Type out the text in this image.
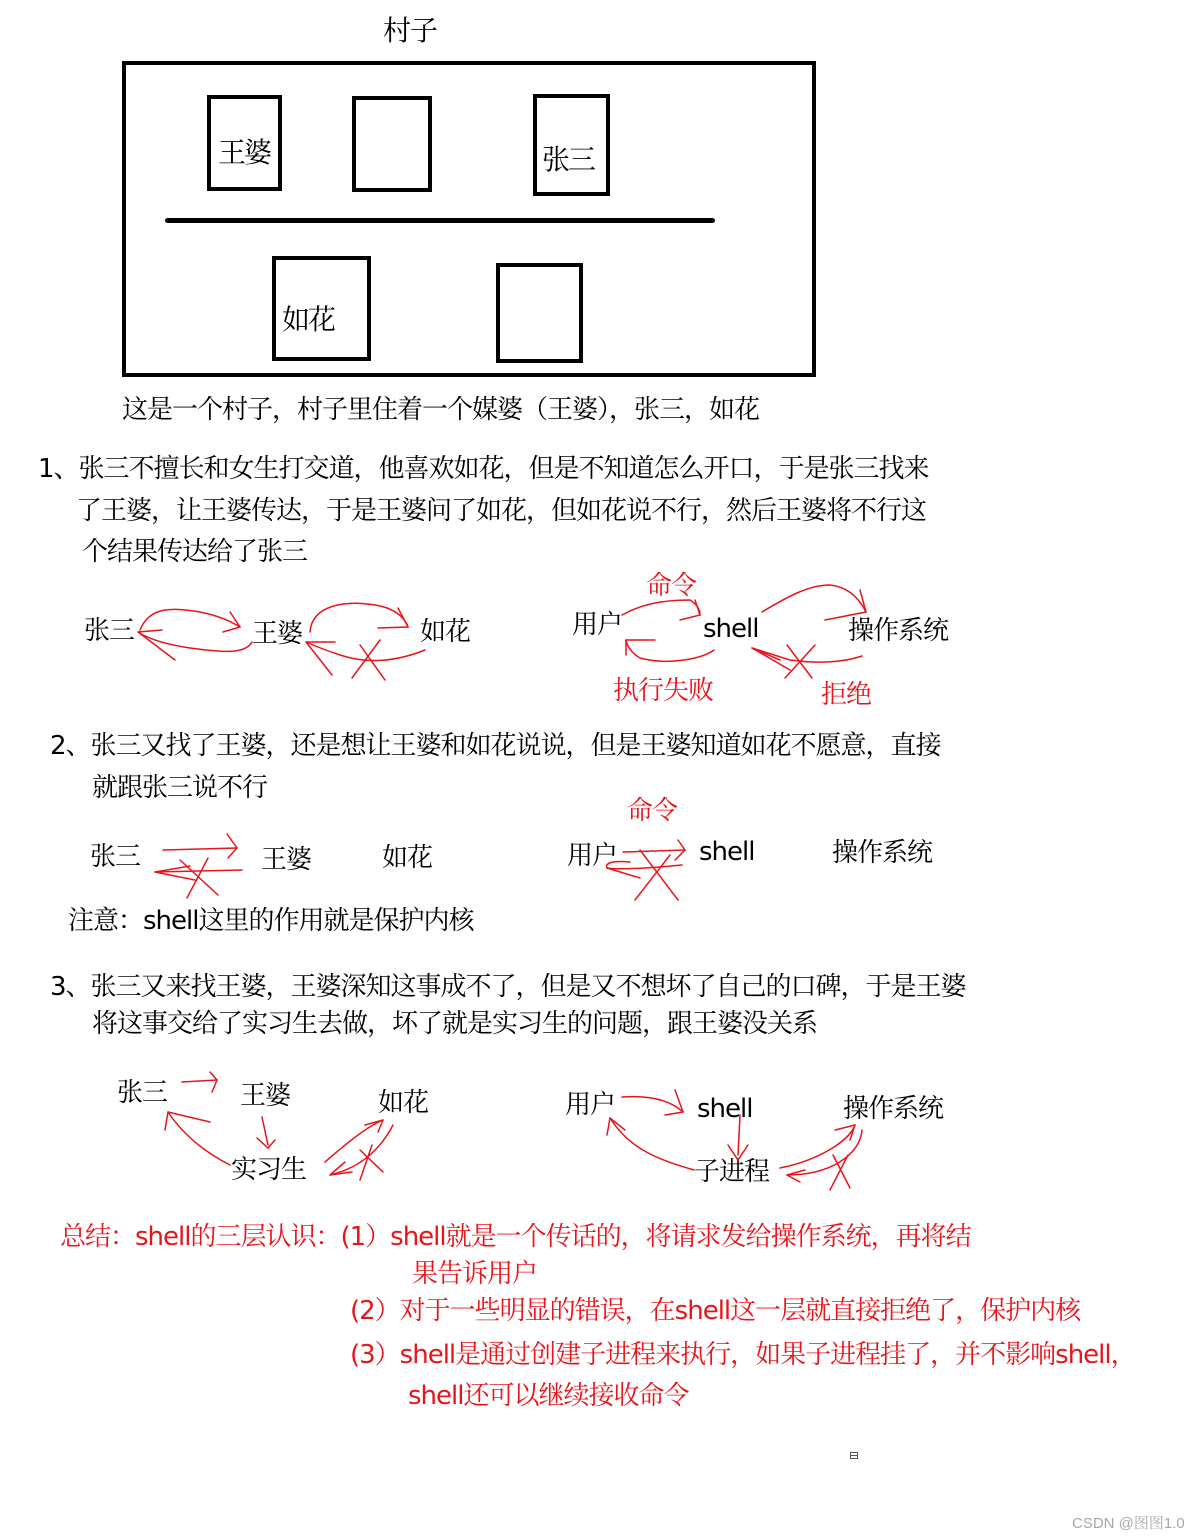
村子
王婆	张三
如花
这是一个村子，村子里住着一个媒婆（王婆），张三，如花
1、张三不擅长和女生打交道，他喜欢如花，但是不知道怎么开口，于是张三找来
了王婆，让王婆传达，于是王婆问了如花，但如花说不行，然后王婆将不行这
个结果传达给了张三
张三	王婆	如花	用户	shell	操作系统
命令
执行失败	拒绝
2、张三又找了王婆，还是想让王婆和如花说说，但是王婆知道如花不愿意，直接
就跟张三说不行
张三	王婆	如花
命令
用户	shell	操作系统
注意：shell这里的作用就是保护内核
3、张三又来找王婆，王婆深知这事成不了，但是又不想坏了自己的口碑，于是王婆
将这事交给了实习生去做，坏了就是实习生的问题，跟王婆没关系
张三	王婆	如花
实习生
用户	shell	操作系统
子进程
总结：shell的三层认识：(1）shell就是一个传话的，将请求发给操作系统，再将结
果告诉用户
(2）对于一些明显的错误，在shell这一层就直接拒绝了，保护内核
(3）shell是通过创建子进程来执行，如果子进程挂了，并不影响shell，
shell还可以继续接收命令
CSDN @图图1.0
